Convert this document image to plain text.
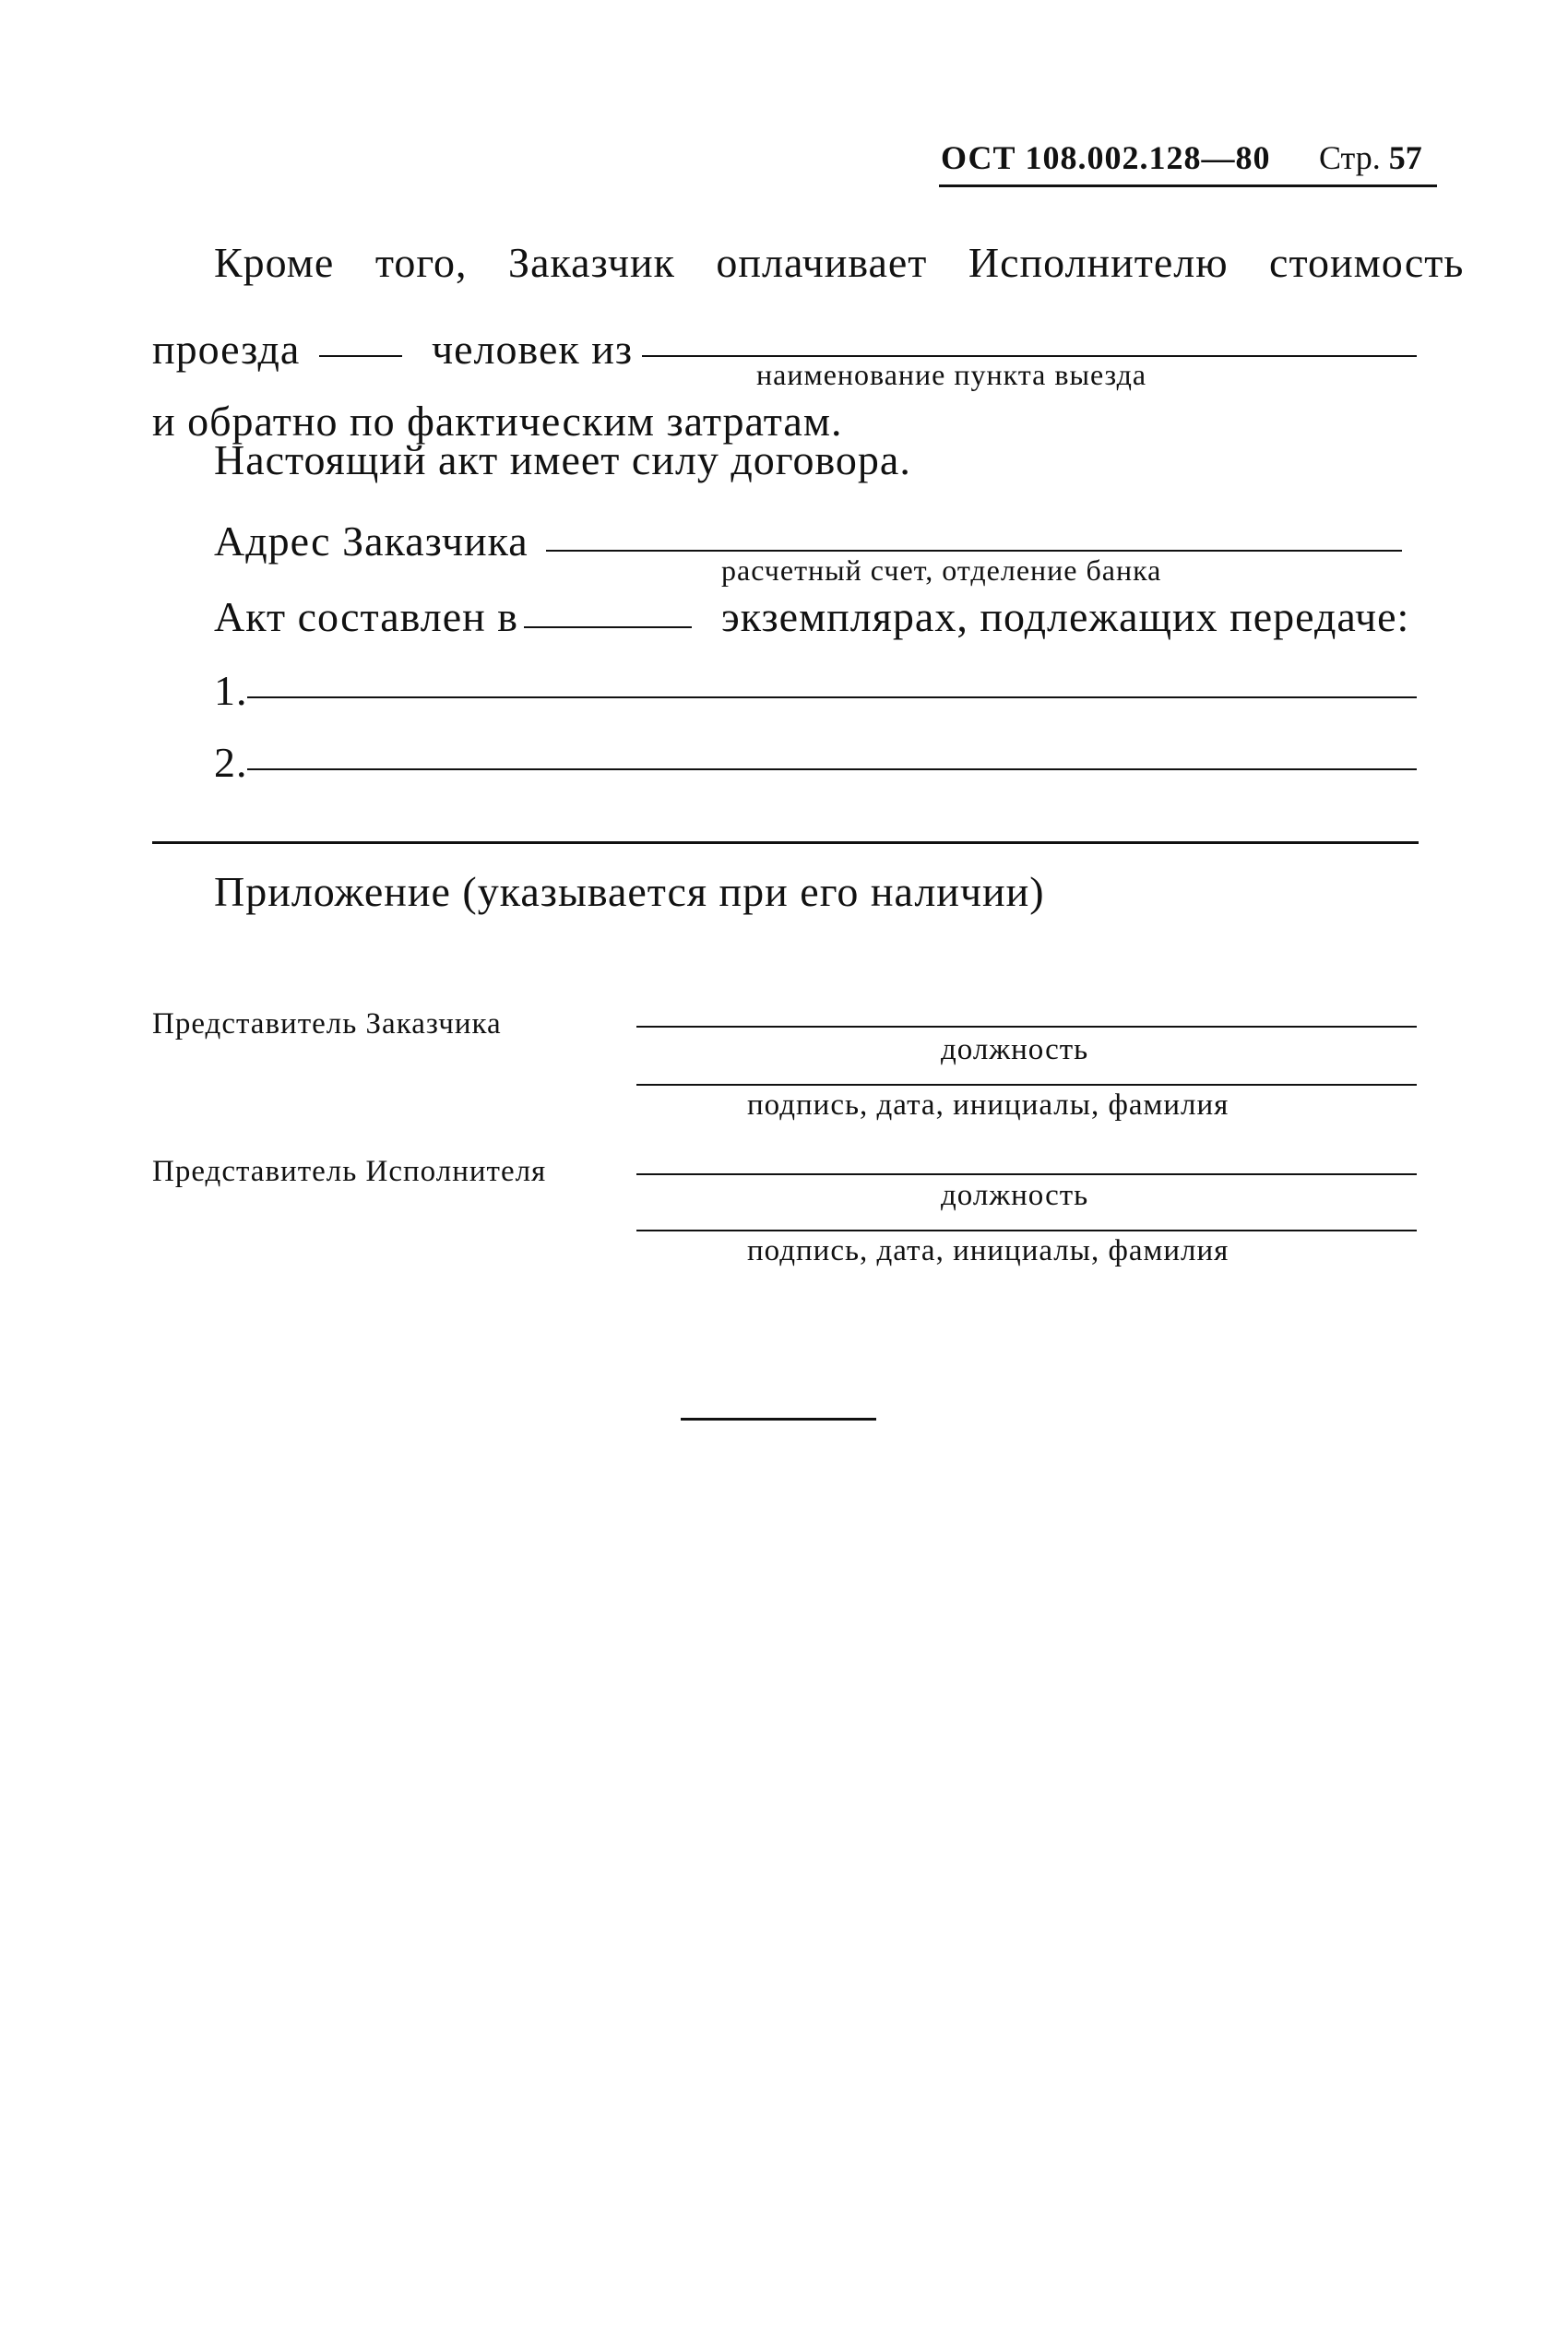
ОСТ 108.002.128—80 Стр. 57
Кроме того, Заказчик оплачивает Исполнителю стоимость
проезда	человек из
наименование пункта выезда
и обратно по фактическим затратам.
Настоящий акт имеет силу договора.
Адрес Заказчика
расчетный счет, отделение банка
Акт составлен в	экземплярах, подлежащих передаче:
1.
2.
Приложение (указывается при его наличии)
Представитель Заказчика
должность
подпись, дата, инициалы, фамилия
Представитель Исполнителя
должность
подпись, дата, инициалы, фамилия
